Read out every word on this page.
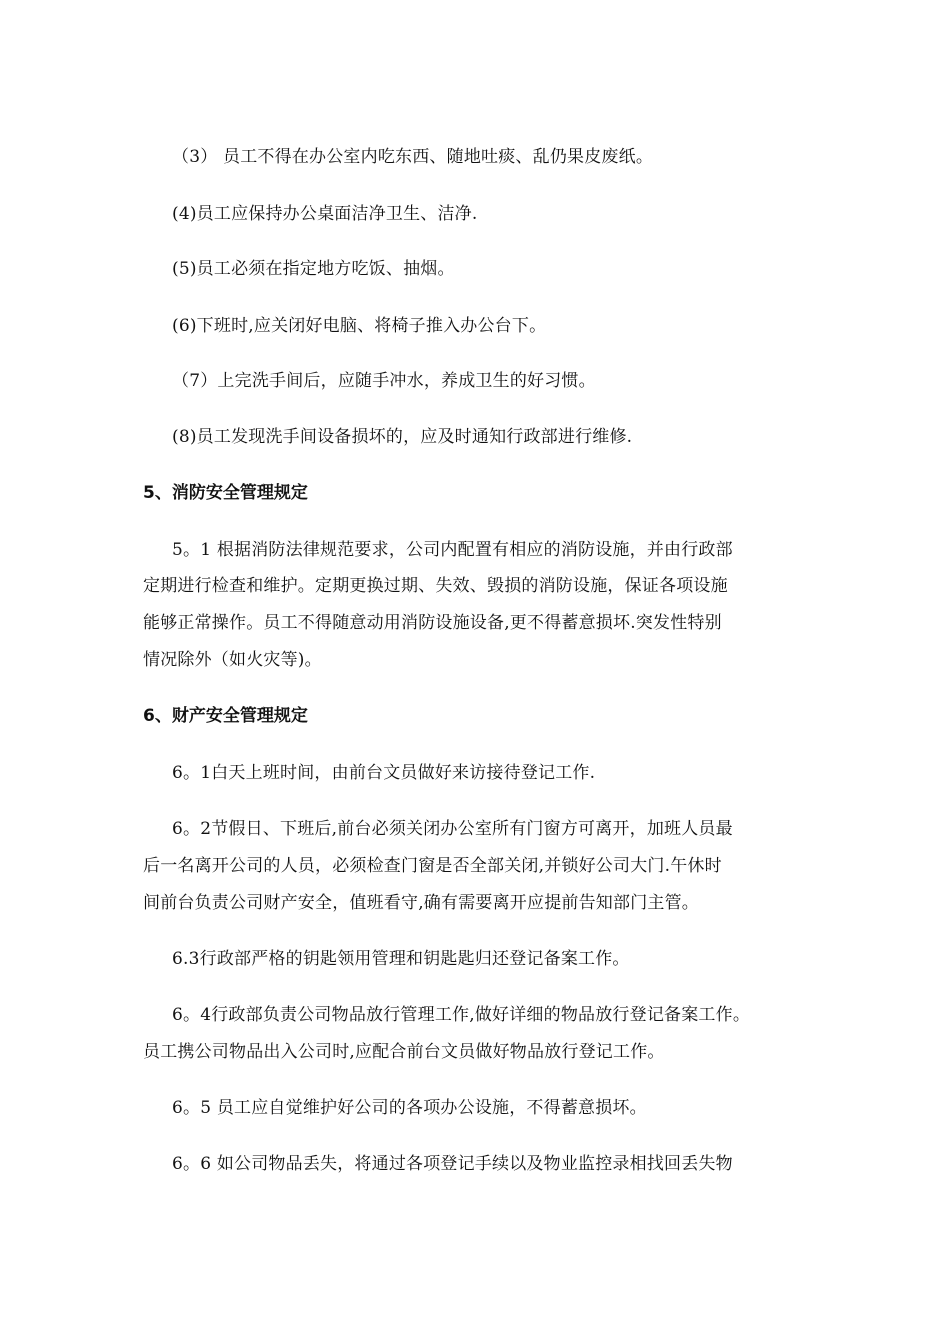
（3） 员工不得在办公室内吃东西、随地吐痰、乱仍果皮废纸。
(4)员工应保持办公桌面洁净卫生、洁净.
(5)员工必须在指定地方吃饭、抽烟。
(6)下班时,应关闭好电脑、将椅子推入办公台下。
（7）上完洗手间后，应随手冲水，养成卫生的好习惯。
(8)员工发现洗手间设备损坏的，应及时通知行政部进行维修.
5、消防安全管理规定
5。1 根据消防法律规范要求，公司内配置有相应的消防设施，并由行政部
定期进行检查和维护。定期更换过期、失效、毁损的消防设施，保证各项设施
能够正常操作。员工不得随意动用消防设施设备,更不得蓄意损坏.突发性特别
情况除外（如火灾等)。
6、财产安全管理规定
6。1白天上班时间，由前台文员做好来访接待登记工作.
6。2节假日、下班后,前台必须关闭办公室所有门窗方可离开，加班人员最
后一名离开公司的人员，必须检查门窗是否全部关闭,并锁好公司大门.午休时
间前台负责公司财产安全，值班看守,确有需要离开应提前告知部门主管。
6.3行政部严格的钥匙领用管理和钥匙匙归还登记备案工作。
6。4行政部负责公司物品放行管理工作,做好详细的物品放行登记备案工作。
员工携公司物品出入公司时,应配合前台文员做好物品放行登记工作。
6。5 员工应自觉维护好公司的各项办公设施，不得蓄意损坏。
6。6 如公司物品丢失，将通过各项登记手续以及物业监控录相找回丢失物
